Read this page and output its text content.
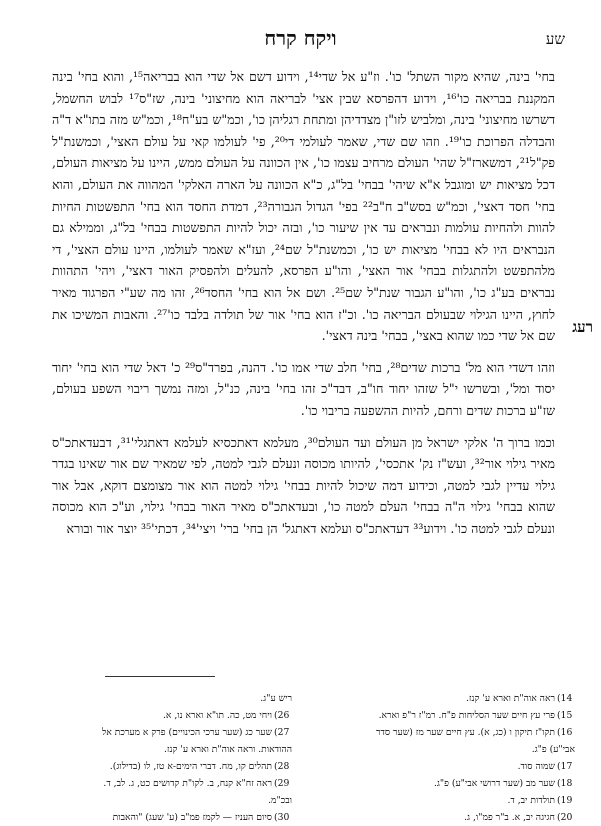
שע
ויקח קרח
רעג

בחי' בינה, שהיא מקור השתל' כו'. וז"ע אל שדי¹⁴, וידוע דשם אל שדי הוא בבריאה¹⁵, והוא בחי' בינה המקננת בבריאה כו'¹⁶, וידוע דהפרסא שבין אצי' לבריאה הוא מחיצוני' בינה, שז"ס¹⁷ לבוש החשמל, דשרשו מחיצוני' בינה, ומלביש לזו"ן מצדדיהן ומתחת רגליהן כו', וכמ"ש בע"ח¹⁸, וכמ"ש מזה בתו"א ד"ה והבדלה הפרוכת כו'¹⁹. וזהו שם שדי, שאמר לעולמי די²⁰, פי' לעולמו קאי על עולם האצי', וכמשנת"ל פק"ל²¹, דמשארז"ל שהי' העולם מרחיב עצמו כו', אין הכוונה על העולם ממש, היינו על מציאות העולם, דכל מציאות יש ומוגבל א"א שיהי' בבחי' בל"ג, כ"א הכוונה על הארה האלקי' המהווה את העולם, והוא בחי' חסד דאצי', וכמ"ש בסש"ב ח"ב²² בפי' הגדול הגבורה²³, דמדת החסד הוא בחי' התפשטות החיות להוות ולהחיות עולמות ונבראים עד אין שיעור כו', ובזה יכול להיות התפשטות בבחי' בל"ג, וממילא גם הנבראים היו לא בבחי' מציאות יש כו', וכמשנת"ל שם²⁴, ועז"א שאמר לעולמו, היינו עולם האצי', די מלהתפשט ולהתגלות בבחי' אור האצי', והו"ע הפרסא, להעלים ולהפסיק האור דאצי', ויהי' התהוות נבראים בע"ג כו', והו"ע הגבור שנת"ל שם²⁵. ושם אל הוא בחי' החסד²⁶, זהו מה שע"י הפרגוד מאיר לחוץ, היינו הגילוי שבעולם הבריאה כו'. וכ"ז הוא בחי' אור של תולדה בלבד כו'²⁷. והאבות המשיכו את שם אל שדי כמו שהוא באצי', בבחי' בינה דאצי'.

וזהו דשדי הוא מל' ברכות שדים²⁸, בחי' חלב שדי אמו כו'. דהנה, בפרד"ס²⁹ כ' דאל שדי הוא בחי' יחוד יסוד ומל', ובשרשו י"ל שזהו יחוד חו"ב, דבד"כ זהו בחי' בינה, כנ"ל, ומזה נמשך ריבוי השפע בעולם, שז"ע ברכות שדים ורחם, להיות ההשפעה בריבוי כו'.

וכמו ברוך ה' אלקי ישראל מן העולם ועד העולם³⁰, מעלמא דאתכסיא לעלמא דאתגלי'³¹, דבעדאתכ"ס מאיר גילוי אור³², ועש"ז נק' אתכסי', להיותו מכוסה ונעלם לגבי למטה, לפי שמאיר שם אור שאינו בגדר גילוי עדיין לגבי למטה, וכידוע דמה שיכול להיות בבחי' גילוי למטה הוא אור מצומצם דוקא, אבל אור שהוא בבחי' גילוי ה"ה בבחי' העלם למטה כו', ובעדאתכ"ס מאיר האור בבחי' גילוי, וע"כ הוא מכוסה ונעלם לגבי למטה כו'. וידוע³³ דעדאתכ"ס ועלמא דאתגל' הן בחי' ברי' ויצי'³⁴, דכתי'³⁵ יוצר אור ובורא

14)
ראה אוה"ת וארא ע' קנז.
15)
פרי עץ חיים שער הסליחות פ"ח. רמ"ז ר"פ וארא.
16)
תקו"ז תיקון ו (כג, א). עץ חיים שער מז (שער סדר
אבי"ע) פ"ג.
17)
שמוה סוד.
18)
שער מב (שער דרושי אבי"ע) פ"ג.
19)
תולדות יב, ד.
20)
חגיגה יב, א. ב"ר פמ"ו, ג.
ריש ע"ג.
26)
ויחי מט, כה. תו"א וארא נו, א.
27)
שער כג (שער ערכי הכינויים) פרק א מערכת אל
ההודאות. וראה אוה"ת וארא ע' קנז.
28)
תהלים קו, מח. דברי הימים-א טז, לו (בדילוג).
29)
ראה זח"א קנח, ב. לקו"ת קדושים כט, ג. לב, ד.
ובכ"מ.
30)
סיום העניז — לקמז פמ"ב (ע' שעג) "והאבות
